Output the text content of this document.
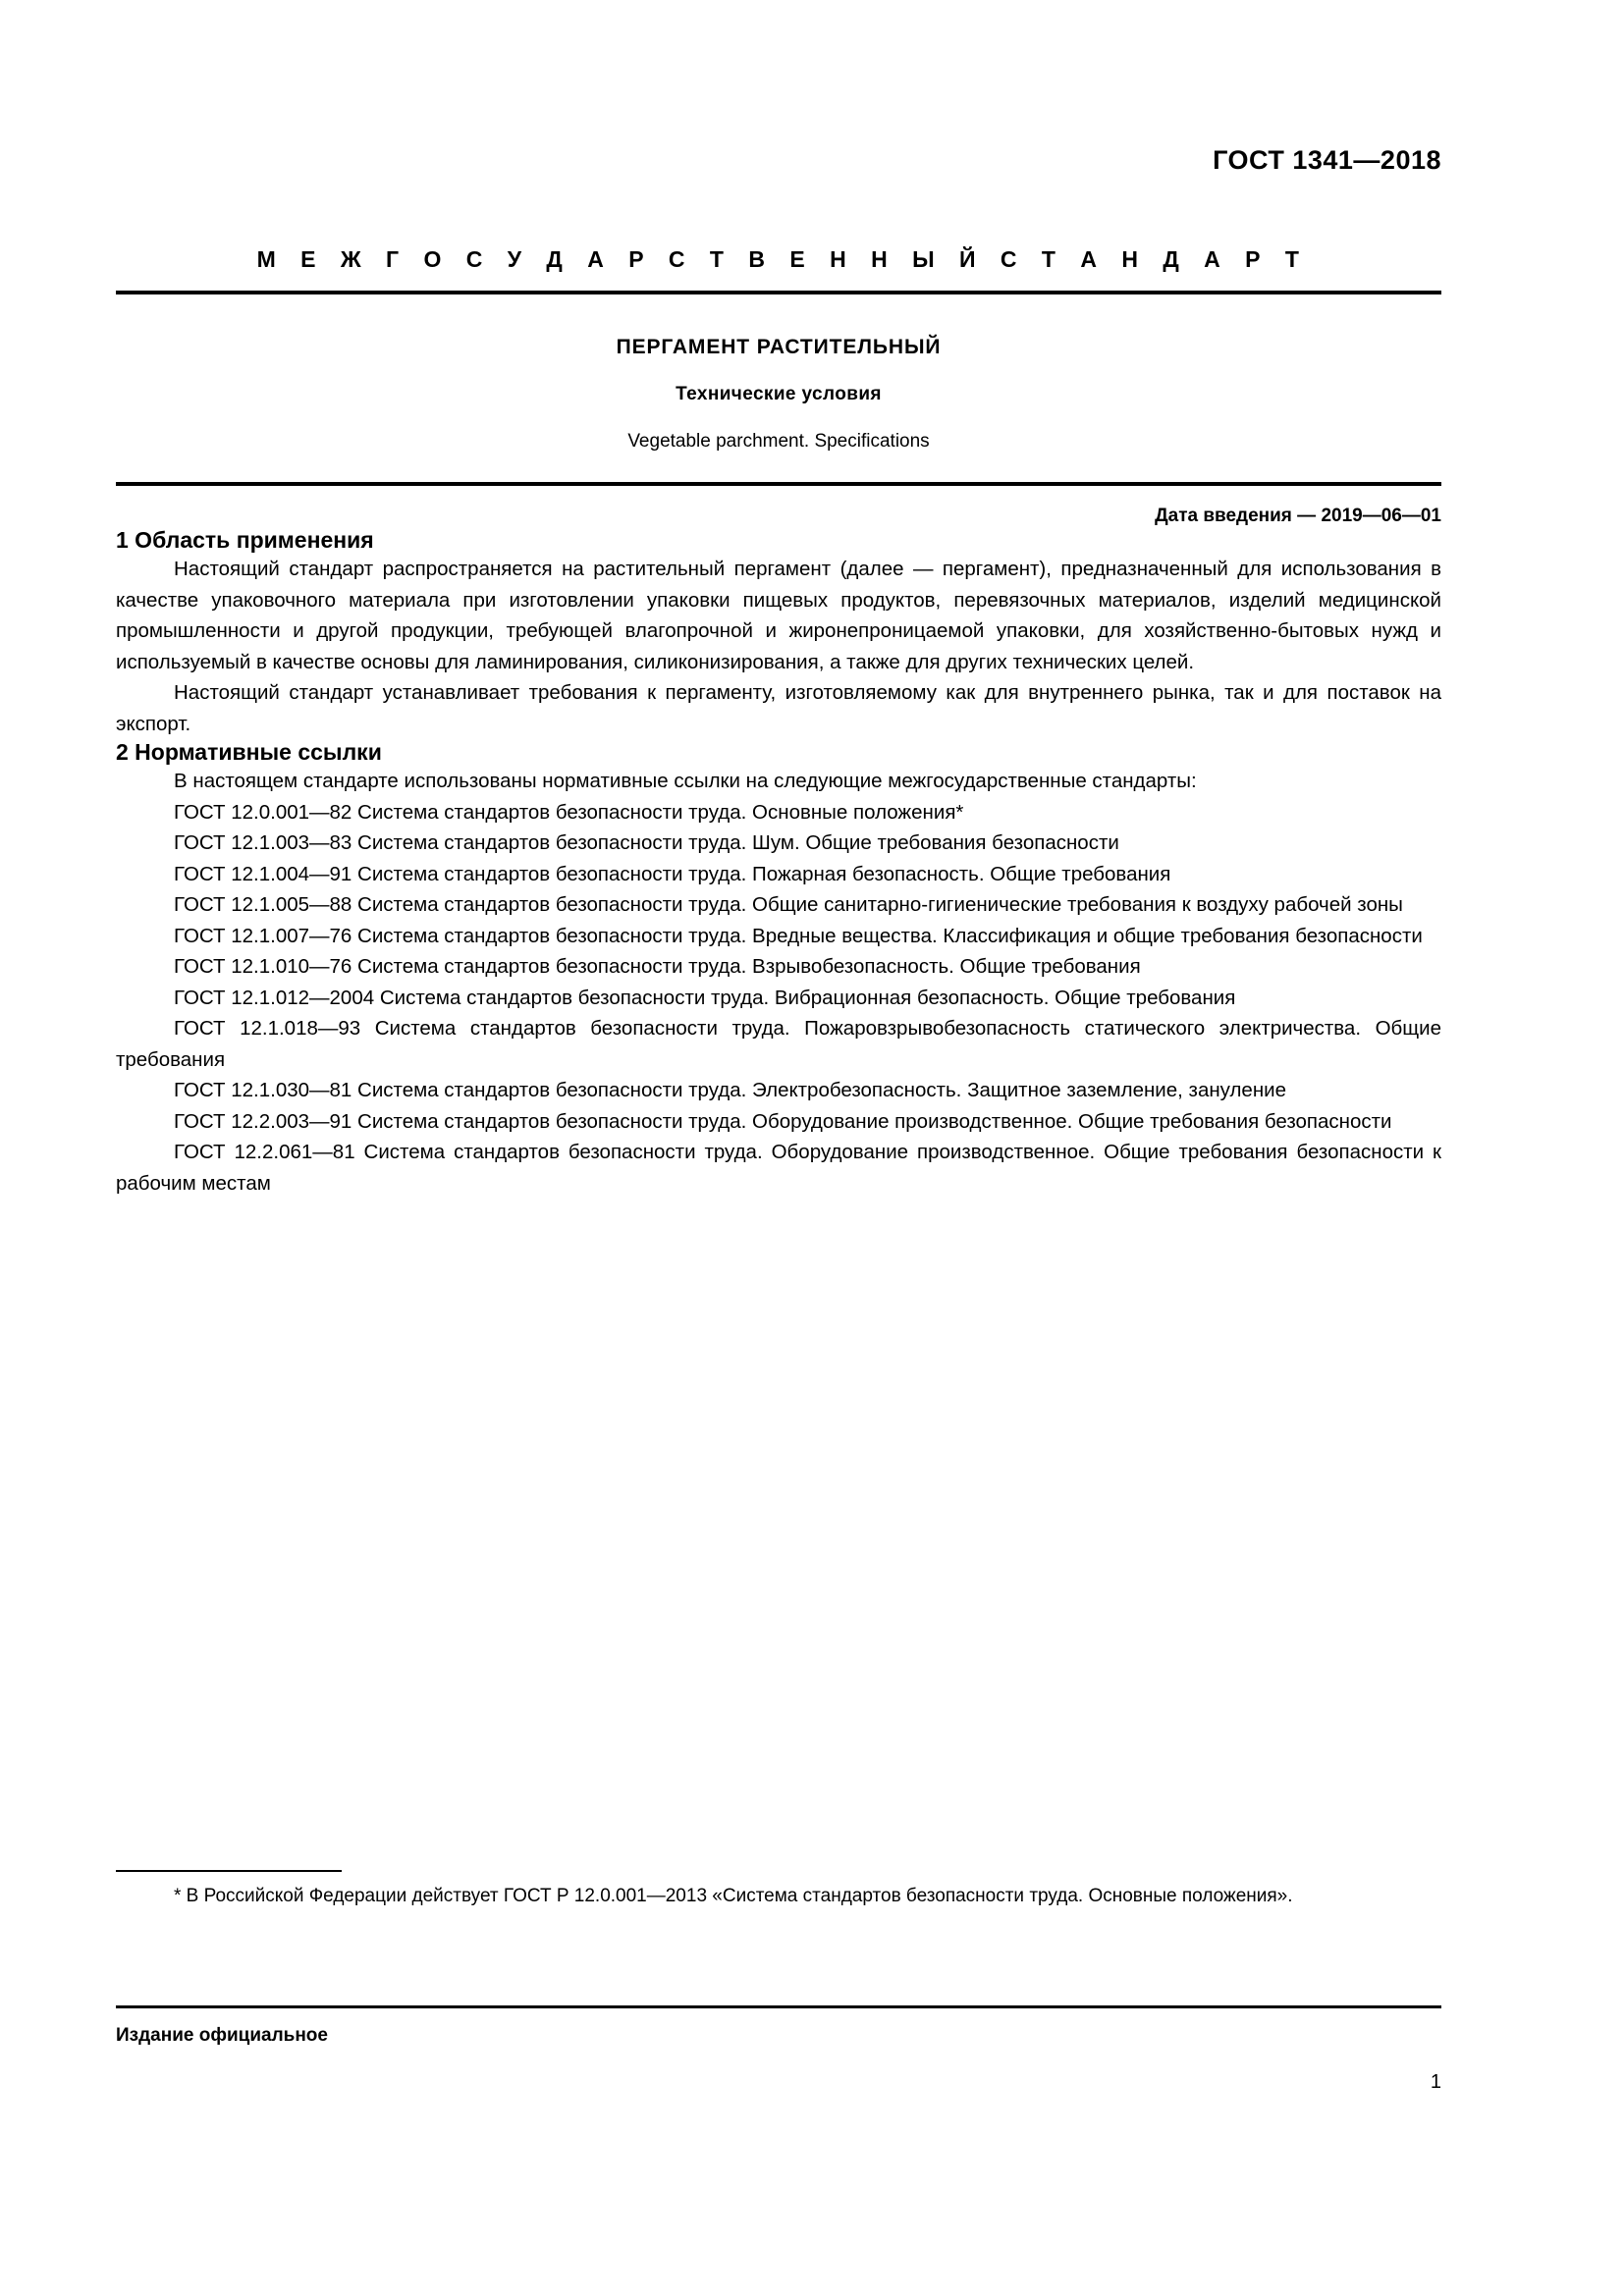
ГОСТ 1341—2018
М Е Ж Г О С У Д А Р С Т В Е Н Н Ы Й С Т А Н Д А Р Т
ПЕРГАМЕНТ РАСТИТЕЛЬНЫЙ
Технические условия
Vegetable parchment. Specifications
Дата введения — 2019—06—01
1 Область применения

Настоящий стандарт распространяется на растительный пергамент (далее — пергамент), предназначенный для использования в качестве упаковочного материала при изготовлении упаковки пищевых продуктов, перевязочных материалов, изделий медицинской промышленности и другой продукции, требующей влагопрочной и жиронепроницаемой упаковки, для хозяйственно-бытовых нужд и используемый в качестве основы для ламинирования, силиконизирования, а также для других технических целей.

Настоящий стандарт устанавливает требования к пергаменту, изготовляемому как для внутреннего рынка, так и для поставок на экспорт.

2 Нормативные ссылки

В настоящем стандарте использованы нормативные ссылки на следующие межгосударственные стандарты:

ГОСТ 12.0.001—82 Система стандартов безопасности труда. Основные положения*

ГОСТ 12.1.003—83 Система стандартов безопасности труда. Шум. Общие требования безопасности

ГОСТ 12.1.004—91 Система стандартов безопасности труда. Пожарная безопасность. Общие требования

ГОСТ 12.1.005—88 Система стандартов безопасности труда. Общие санитарно-гигиенические требования к воздуху рабочей зоны

ГОСТ 12.1.007—76 Система стандартов безопасности труда. Вредные вещества. Классификация и общие требования безопасности

ГОСТ 12.1.010—76 Система стандартов безопасности труда. Взрывобезопасность. Общие требования

ГОСТ 12.1.012—2004 Система стандартов безопасности труда. Вибрационная безопасность. Общие требования

ГОСТ 12.1.018—93 Система стандартов безопасности труда. Пожаровзрывобезопасность статического электричества. Общие требования

ГОСТ 12.1.030—81 Система стандартов безопасности труда. Электробезопасность. Защитное заземление, зануление

ГОСТ 12.2.003—91 Система стандартов безопасности труда. Оборудование производственное. Общие требования безопасности

ГОСТ 12.2.061—81 Система стандартов безопасности труда. Оборудование производственное. Общие требования безопасности к рабочим местам

* В Российской Федерации действует ГОСТ Р 12.0.001—2013 «Система стандартов безопасности труда. Основные положения».

Издание официальное
1
